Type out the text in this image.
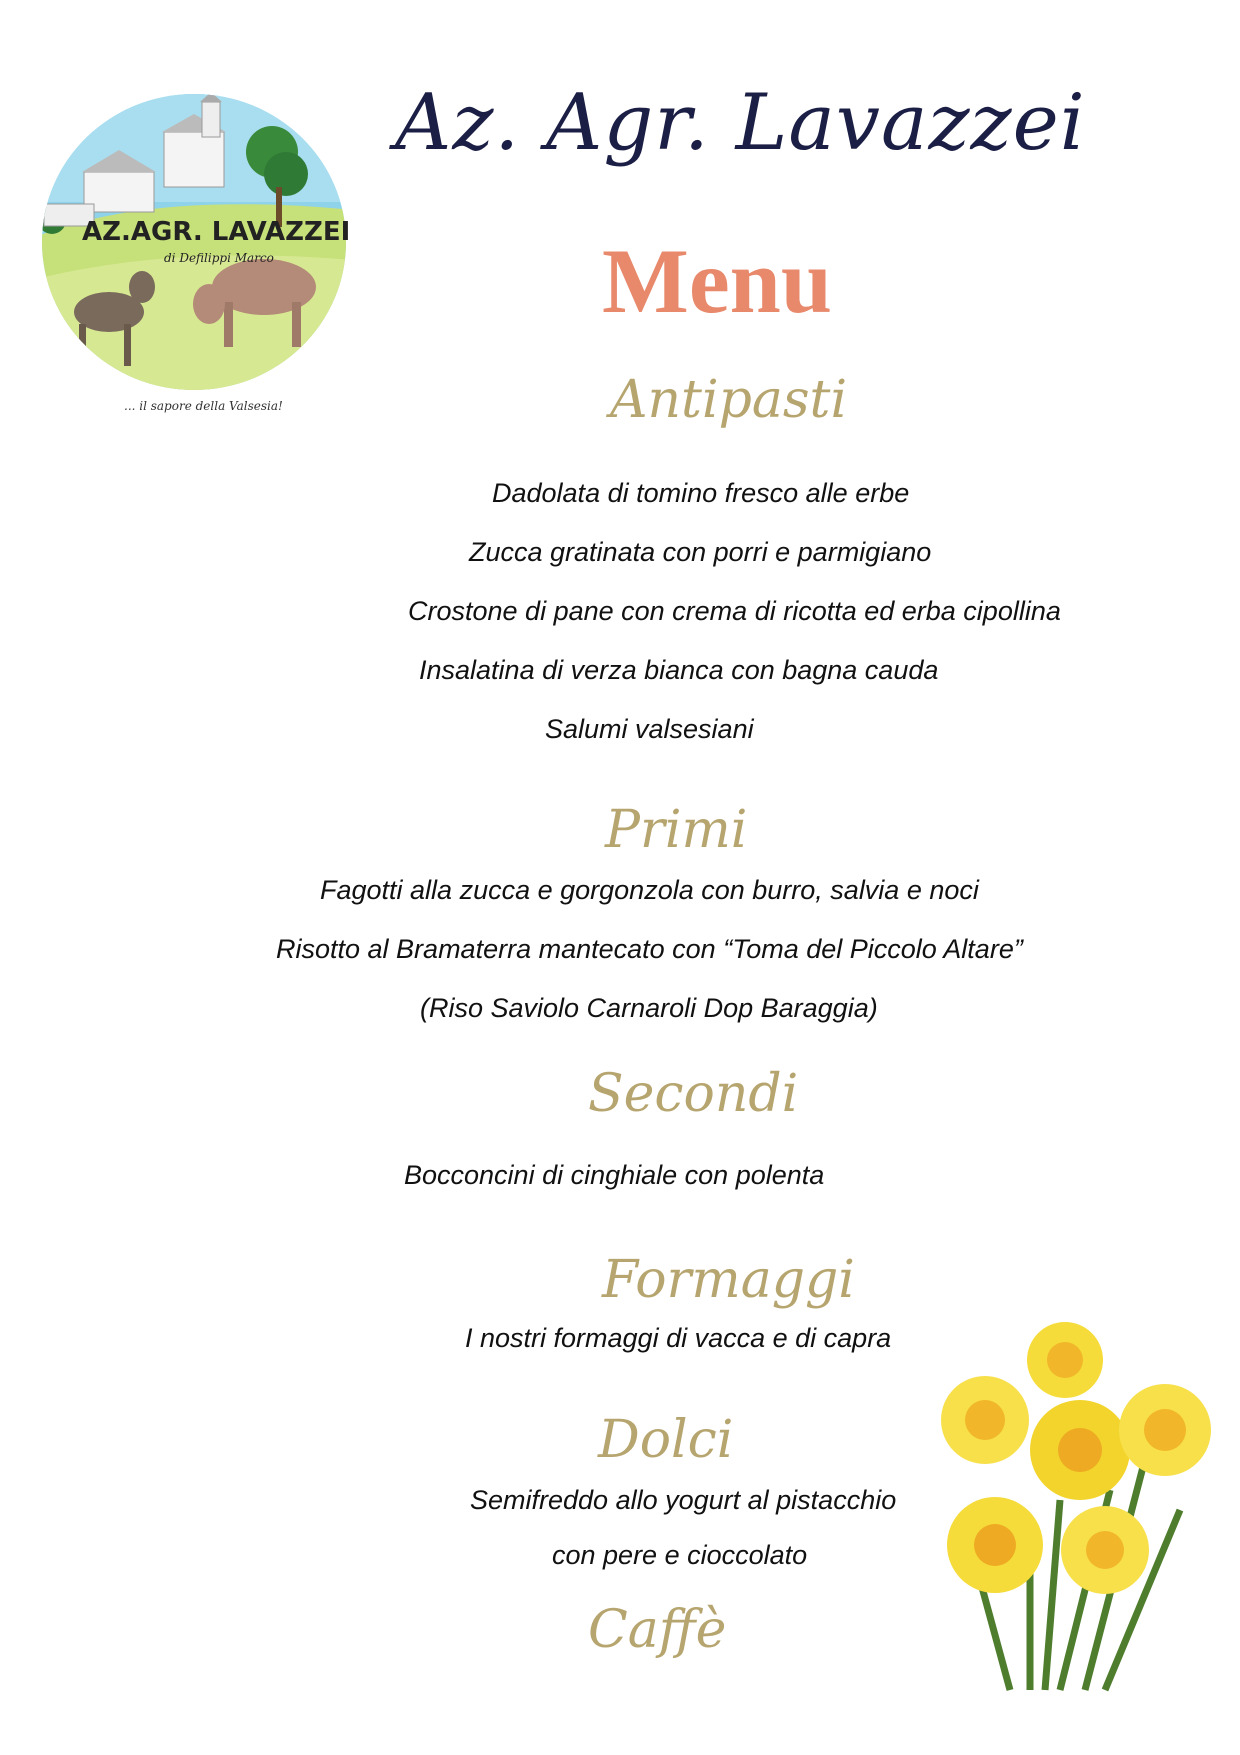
AZ.AGR. LAVAZZEI
di Defilippi Marco
... il sapore della Valsesia!
Az. Agr. Lavazzei
Menu
Antipasti
Dadolata di tomino fresco alle erbe
Zucca gratinata con porri e parmigiano
Crostone di pane con crema di ricotta ed erba cipollina
Insalatina di verza bianca con bagna cauda
Salumi valsesiani
Primi
Fagotti alla zucca e gorgonzola con burro, salvia e noci
Risotto al Bramaterra mantecato con “Toma del Piccolo Altare”
(Riso Saviolo Carnaroli Dop Baraggia)
Secondi
Bocconcini di cinghiale con polenta
Formaggi
I nostri formaggi di vacca e di capra
Dolci
Semifreddo allo yogurt al pistacchio
con pere e cioccolato
Caffè
